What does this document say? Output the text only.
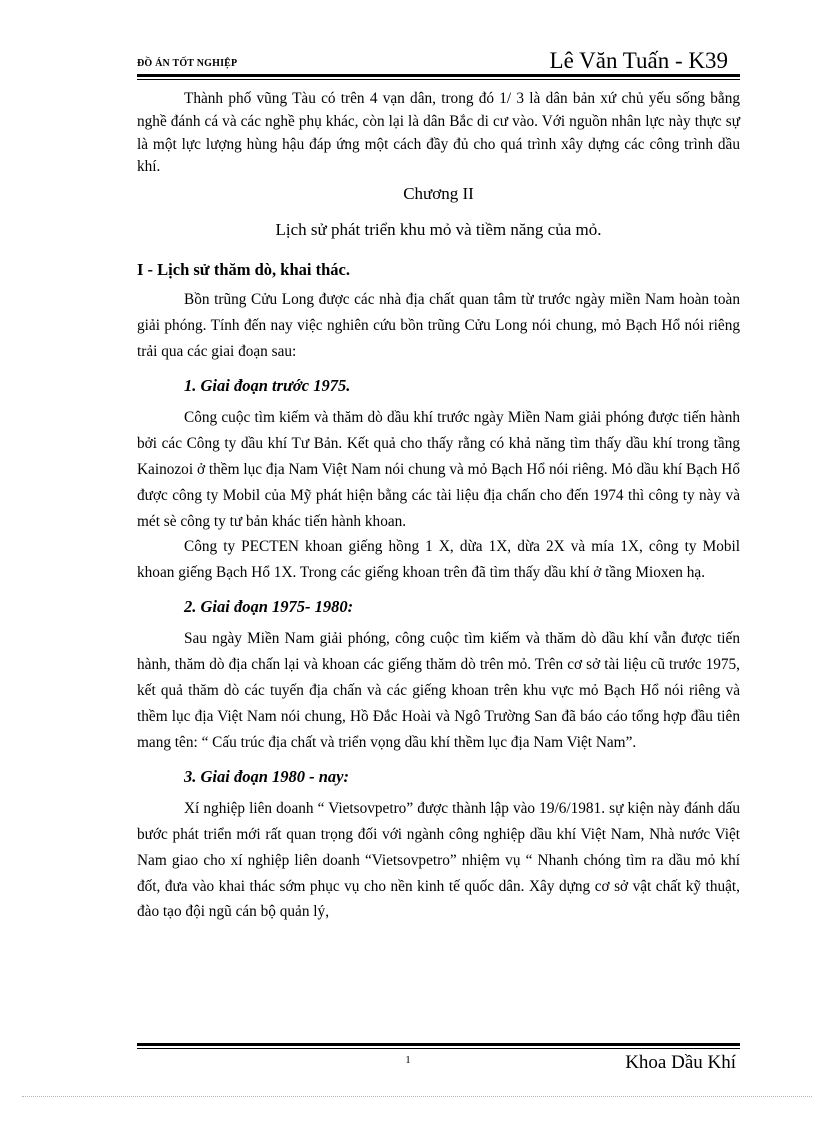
ĐỒ ÁN TỐT NGHIỆP	Lê Văn Tuấn - K39

Thành phố vũng Tàu có trên 4 vạn dân, trong đó 1/ 3 là dân bản xứ chủ yếu sống bằng nghề đánh cá và các nghề phụ khác, còn lại là dân Bắc di cư vào. Với nguồn nhân lực này thực sự là một lực lượng hùng hậu đáp ứng một cách đầy đủ cho quá trình xây dựng các công trình dầu khí.

Chương II

Lịch sử phát triển khu mỏ và tiềm năng của mỏ.

I - Lịch sử thăm dò, khai thác.

Bồn trũng Cửu Long được các nhà địa chất quan tâm từ trước ngày miền Nam hoàn toàn giải phóng. Tính đến nay việc nghiên cứu bồn trũng Cửu Long nói chung, mỏ Bạch Hổ nói riêng trải qua các giai đoạn sau:

1. Giai đoạn trước 1975.

Công cuộc tìm kiếm và thăm dò dầu khí trước ngày Miền Nam giải phóng được tiến hành bởi các Công ty dầu khí Tư Bản. Kết quả cho thấy rằng có khả năng tìm thấy dầu khí trong tầng Kainozoi ở thềm lục địa Nam Việt Nam nói chung và mỏ Bạch Hổ nói riêng. Mỏ dầu khí Bạch Hổ được công ty Mobil của Mỹ phát hiện bằng các tài liệu địa chấn cho đến 1974 thì công ty này và mét sè công ty tư bản khác tiến hành khoan.

Công ty PECTEN khoan giếng hồng 1 X, dừa 1X, dừa 2X và mía 1X, công ty Mobil khoan giếng Bạch Hổ 1X. Trong các giếng khoan trên đã tìm thấy dầu khí ở tầng Mioxen hạ.

2. Giai đoạn 1975- 1980:

Sau ngày Miền Nam giải phóng, công cuộc tìm kiếm và thăm dò dầu khí vẫn được tiến hành, thăm dò địa chấn lại và khoan các giếng thăm dò trên mỏ. Trên cơ sở tài liệu cũ trước 1975, kết quả thăm dò các tuyến địa chấn và các giếng khoan trên khu vực mỏ Bạch Hổ nói riêng và thềm lục địa Việt Nam nói chung, Hồ Đắc Hoài và Ngô Trường San đã báo cáo tổng hợp đầu tiên mang tên: “ Cấu trúc địa chất và triển vọng dầu khí thềm lục địa Nam Việt Nam”.

3. Giai đoạn 1980 - nay:

Xí nghiệp liên doanh “ Vietsovpetro” được thành lập vào 19/6/1981. sự kiện này đánh dấu bước phát triển mới rất quan trọng đối với ngành công nghiệp dầu khí Việt Nam, Nhà nước Việt Nam giao cho xí nghiệp liên doanh “Vietsovpetro” nhiệm vụ “ Nhanh chóng tìm ra dầu mỏ khí đốt, đưa vào khai thác sớm phục vụ cho nền kinh tế quốc dân. Xây dựng cơ sở vật chất kỹ thuật, đào tạo đội ngũ cán bộ quản lý,

1	Khoa Dầu Khí
